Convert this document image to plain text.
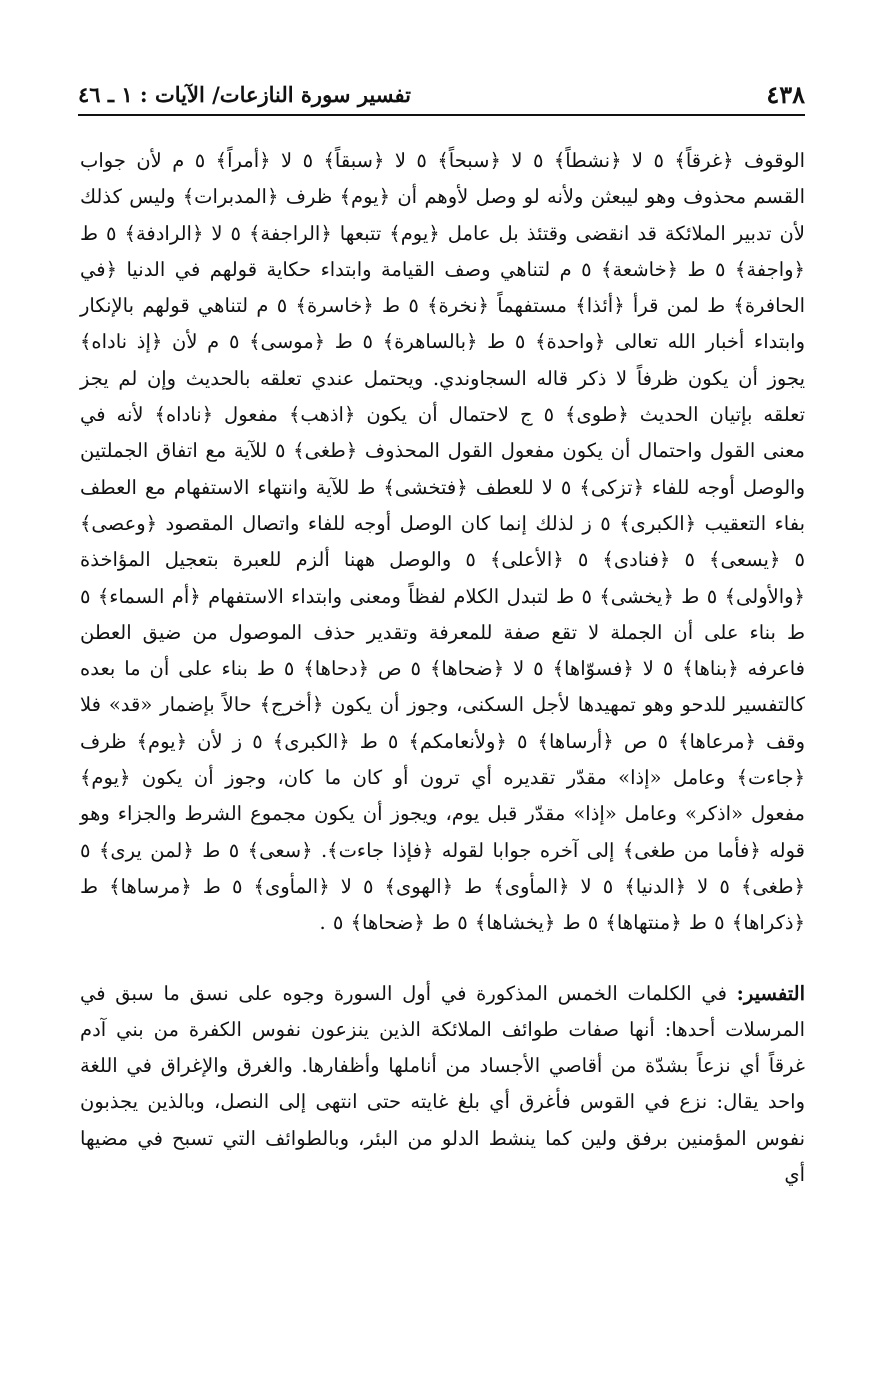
٤٣٨
تفسير سورة النازعات/ الآيات : ١ ـ ٤٦

الوقوف ﴿غرقاً﴾ ٥ لا ﴿نشطاً﴾ ٥ لا ﴿سبحاً﴾ ٥ لا ﴿سبقاً﴾ ٥ لا ﴿أمراً﴾ ٥ م لأن جواب القسم محذوف وهو ليبعثن ولأنه لو وصل لأوهم أن ﴿يوم﴾ ظرف ﴿المدبرات﴾ وليس كذلك لأن تدبير الملائكة قد انقضى وقتئذ بل عامل ﴿يوم﴾ تتبعها ﴿الراجفة﴾ ٥ لا ﴿الرادفة﴾ ٥ ط ﴿واجفة﴾ ٥ ط ﴿خاشعة﴾ ٥ م لتناهي وصف القيامة وابتداء حكاية قولهم في الدنيا ﴿في الحافرة﴾ ط لمن قرأ ﴿أئذا﴾ مستفهماً ﴿نخرة﴾ ٥ ط ﴿خاسرة﴾ ٥ م لتناهي قولهم بالإنكار وابتداء أخبار الله تعالى ﴿واحدة﴾ ٥ ط ﴿بالساهرة﴾ ٥ ط ﴿موسى﴾ ٥ م لأن ﴿إذ ناداه﴾ يجوز أن يكون ظرفاً لا ذكر قاله السجاوندي. ويحتمل عندي تعلقه بالحديث وإن لم يجز تعلقه بإتيان الحديث ﴿طوى﴾ ٥ ج لاحتمال أن يكون ﴿اذهب﴾ مفعول ﴿ناداه﴾ لأنه في معنى القول واحتمال أن يكون مفعول القول المحذوف ﴿طغى﴾ ٥ للآية مع اتفاق الجملتين والوصل أوجه للفاء ﴿تزكى﴾ ٥ لا للعطف ﴿فتخشى﴾ ط للآية وانتهاء الاستفهام مع العطف بفاء التعقيب ﴿الكبرى﴾ ٥ ز لذلك إنما كان الوصل أوجه للفاء واتصال المقصود ﴿وعصى﴾ ٥ ﴿يسعى﴾ ٥ ﴿فنادى﴾ ٥ ﴿الأعلى﴾ ٥ والوصل ههنا ألزم للعبرة بتعجيل المؤاخذة ﴿والأولى﴾ ٥ ط ﴿يخشى﴾ ٥ ط لتبدل الكلام لفظاً ومعنى وابتداء الاستفهام ﴿أم السماء﴾ ٥ ط بناء على أن الجملة لا تقع صفة للمعرفة وتقدير حذف الموصول من ضيق العطن فاعرفه ﴿بناها﴾ ٥ لا ﴿فسوّاها﴾ ٥ لا ﴿ضحاها﴾ ٥ ص ﴿دحاها﴾ ٥ ط بناء على أن ما بعده كالتفسير للدحو وهو تمهيدها لأجل السكنى، وجوز أن يكون ﴿أخرج﴾ حالاً بإضمار «قد» فلا وقف ﴿مرعاها﴾ ٥ ص ﴿أرساها﴾ ٥ ﴿ولأنعامكم﴾ ٥ ط ﴿الكبرى﴾ ٥ ز لأن ﴿يوم﴾ ظرف ﴿جاءت﴾ وعامل «إذا» مقدّر تقديره أي ترون أو كان ما كان، وجوز أن يكون ﴿يوم﴾ مفعول «اذكر» وعامل «إذا» مقدّر قبل يوم، ويجوز أن يكون مجموع الشرط والجزاء وهو قوله ﴿فأما من طغى﴾ إلى آخره جوابا لقوله ﴿فإذا جاءت﴾. ﴿سعى﴾ ٥ ط ﴿لمن يرى﴾ ٥ ﴿طغى﴾ ٥ لا ﴿الدنيا﴾ ٥ لا ﴿المأوى﴾ ط ﴿الهوى﴾ ٥ لا ﴿المأوى﴾ ٥ ط ﴿مرساها﴾ ط ﴿ذكراها﴾ ٥ ط ﴿منتهاها﴾ ٥ ط ﴿يخشاها﴾ ٥ ط ﴿ضحاها﴾ ٥ .

التفسير: في الكلمات الخمس المذكورة في أول السورة وجوه على نسق ما سبق في المرسلات أحدها: أنها صفات طوائف الملائكة الذين ينزعون نفوس الكفرة من بني آدم غرقاً أي نزعاً بشدّة من أقاصي الأجساد من أناملها وأظفارها. والغرق والإغراق في اللغة واحد يقال: نزع في القوس فأغرق أي بلغ غايته حتى انتهى إلى النصل، وبالذين يجذبون نفوس المؤمنين برفق ولين كما ينشط الدلو من البئر، وبالطوائف التي تسبح في مضيها أي
